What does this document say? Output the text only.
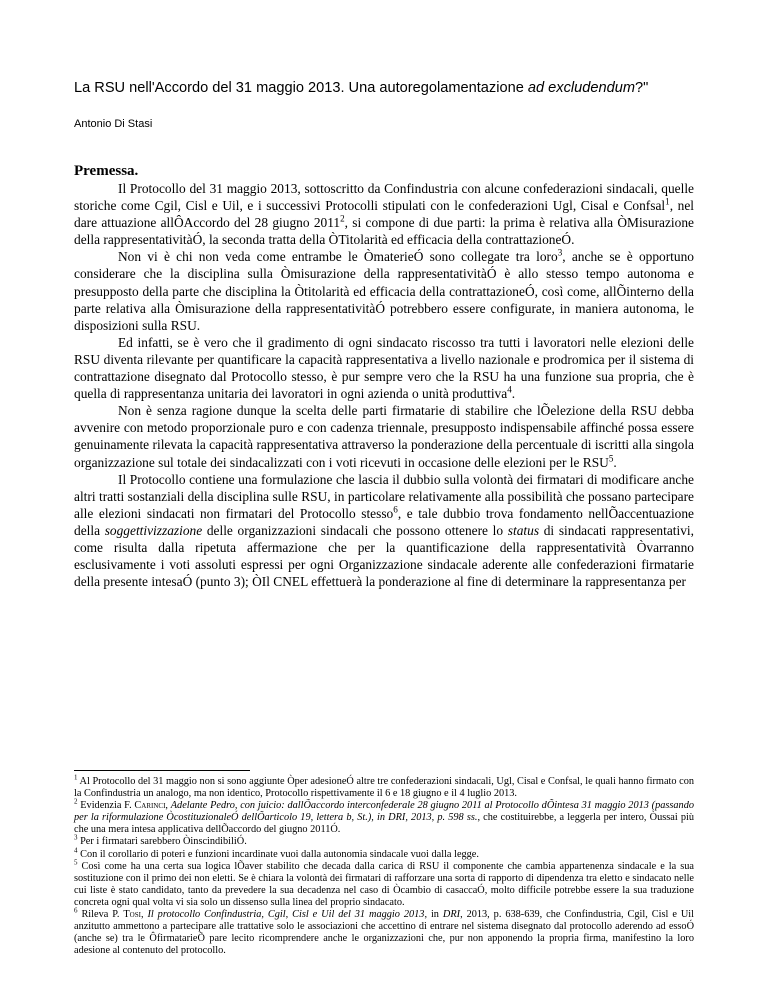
La RSU nell'Accordo del 31 maggio 2013. Una autoregolamentazione ad excludendum?"
Antonio Di Stasi
Premessa.

Il Protocollo del 31 maggio 2013, sottoscritto da Confindustria con alcune confederazioni sindacali, quelle storiche come Cgil, Cisl e Uil, e i successivi Protocolli stipulati con le confederazioni Ugl, Cisal e Confsal$^1$, nel dare attuazione allÔAccordo del 28 giugno 2011$^2$, si compone di due parti: la prima è relativa alla ÒMisurazione della rappresentativitàÓ, la seconda tratta della ÒTitolarità ed efficacia della contrattazioneÓ.

Non vi è chi non veda come entrambe le ÒmaterieÓ sono collegate tra loro$^3$, anche se è opportuno considerare che la disciplina sulla Òmisurazione della rappresentativitàÓ è allo stesso tempo autonoma e presupposto della parte che disciplina la Òtitolarità ed efficacia della contrattazioneÓ, così come, allÕinterno della parte relativa alla Òmisurazione della rappresentativitàÓ potrebbero essere configurate, in maniera autonoma, le disposizioni sulla RSU.

Ed infatti, se è vero che il gradimento di ogni sindacato riscosso tra tutti i lavoratori nelle elezioni delle RSU diventa rilevante per quantificare la capacità rappresentativa a livello nazionale e prodromica per il sistema di contrattazione disegnato dal Protocollo stesso, è pur sempre vero che la RSU ha una funzione sua propria, che è quella di rappresentanza unitaria dei lavoratori in ogni azienda o unità produttiva$^4$.

Non è senza ragione dunque la scelta delle parti firmatarie di stabilire che lÕelezione della RSU debba avvenire con metodo proporzionale puro e con cadenza triennale, presupposto indispensabile affinché possa essere genuinamente rilevata la capacità rappresentativa attraverso la ponderazione della percentuale di iscritti alla singola organizzazione sul totale dei sindacalizzati con i voti ricevuti in occasione delle elezioni per le RSU$^5$.

Il Protocollo contiene una formulazione che lascia il dubbio sulla volontà dei firmatari di modificare anche altri tratti sostanziali della disciplina sulle RSU, in particolare relativamente alla possibilità che possano partecipare alle elezioni sindacati non firmatari del Protocollo stesso$^6$, e tale dubbio trova fondamento nellÕaccentuazione della soggettivizzazione delle organizzazioni sindacali che possono ottenere lo status di sindacati rappresentativi, come risulta dalla ripetuta affermazione che per la quantificazione della rappresentatività Òvarranno esclusivamente i voti assoluti espressi per ogni Organizzazione sindacale aderente alle confederazioni firmatarie della presente intesaÓ (punto 3); ÒIl CNEL effettuerà la ponderazione al fine di determinare la rappresentanza per

$^1$ Al Protocollo del 31 maggio non si sono aggiunte Òper adesioneÓ altre tre confederazioni sindacali, Ugl, Cisal e Confsal, le quali hanno firmato con la Confindustria un analogo, ma non identico, Protocollo rispettivamente il 6 e 18 giugno e il 4 luglio 2013.

$^2$ Evidenzia F. Carinci, Adelante Pedro, con juicio: dallÕaccordo interconfederale 28 giugno 2011 al Protocollo dÕintesa 31 maggio 2013 (passando per la riformulazione ÒcostituzionaleÓ dellÕarticolo 19, lettera b, St.), in DRI, 2013, p. 598 ss., che costituirebbe, a leggerla per intero, Òussai più che una mera intesa applicativa dellÕaccordo del giugno 2011Ó.

$^3$ Per i firmatari sarebbero ÒinscindibiliÓ.

$^4$ Con il corollario di poteri e funzioni incardinate vuoi dalla autonomia sindacale vuoi dalla legge.

$^5$ Così come ha una certa sua logica lÕaver stabilito che decada dalla carica di RSU il componente che cambia appartenenza sindacale e la sua sostituzione con il primo dei non eletti. Se è chiara la volontà dei firmatari di rafforzare una sorta di rapporto di dipendenza tra eletto e sindacato nelle cui liste è stato candidato, tanto da prevedere la sua decadenza nel caso di Òcambio di casaccaÓ, molto difficile potrebbe essere la sua traduzione concreta ogni qual volta vi sia solo un dissenso sulla linea del proprio sindacato.

$^6$ Rileva P. Tosi, Il protocollo Confindustria, Cgil, Cisl e Uil del 31 maggio 2013, in DRI, 2013, p. 638-639, che Confindustria, Cgil, Cisl e Uil anzitutto ammettono a partecipare alle trattative solo le associazioni che accettino di entrare nel sistema disegnato dal protocollo aderendo ad essoÓ (anche se) tra le ÔfirmatarieÕ pare lecito ricomprendere anche le organizzazioni che, pur non apponendo la propria firma, manifestino la loro adesione al contenuto del protocollo.
